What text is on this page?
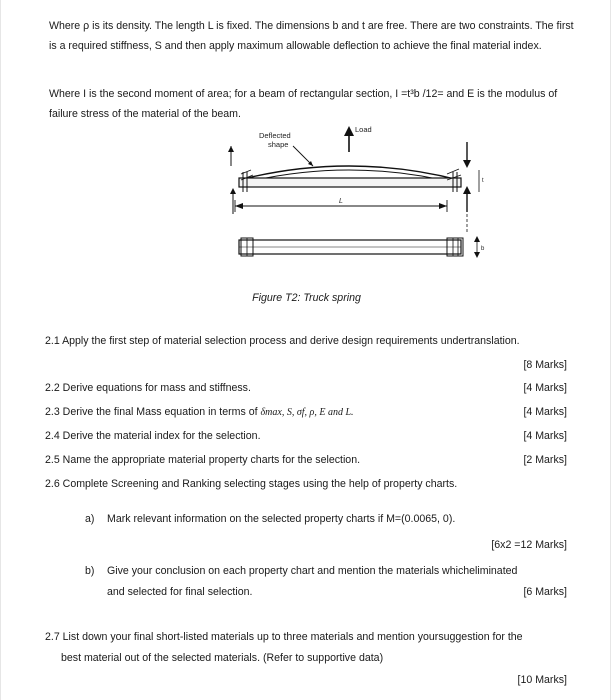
Where ρ is its density. The length L is fixed. The dimensions b and t are free. There are two constraints. The first is a required stiffness, S and then apply maximum allowable deflection to achieve the final material index.
Where I is the second moment of area; for a beam of rectangular section, I =t³b /12= and E is the modulus of failure stress of the material of the beam.
Deflected
shape
Load
t
L
b
Figure T2: Truck spring
2.1 Apply the first step of material selection process and derive design requirements undertranslation.
[8 Marks]
2.2 Derive equations for mass and stiffness.	[4 Marks]
2.3 Derive the final Mass equation in terms of δmax, S, σf, ρ, E and L.	[4 Marks]
2.4 Derive the material index for the selection.	[4 Marks]
2.5 Name the appropriate material property charts for the selection.	[2 Marks]
2.6 Complete Screening and Ranking selecting stages using the help of property charts.
a) Mark relevant information on the selected property charts if M=(0.0065, 0).
[6x2 =12 Marks]
b) Give your conclusion on each property chart and mention the materials whicheliminated
and selected for final selection.	[6 Marks]
2.7 List down your final short-listed materials up to three materials and mention yoursuggestion for the
best material out of the selected materials. (Refer to supportive data)
[10 Marks]
